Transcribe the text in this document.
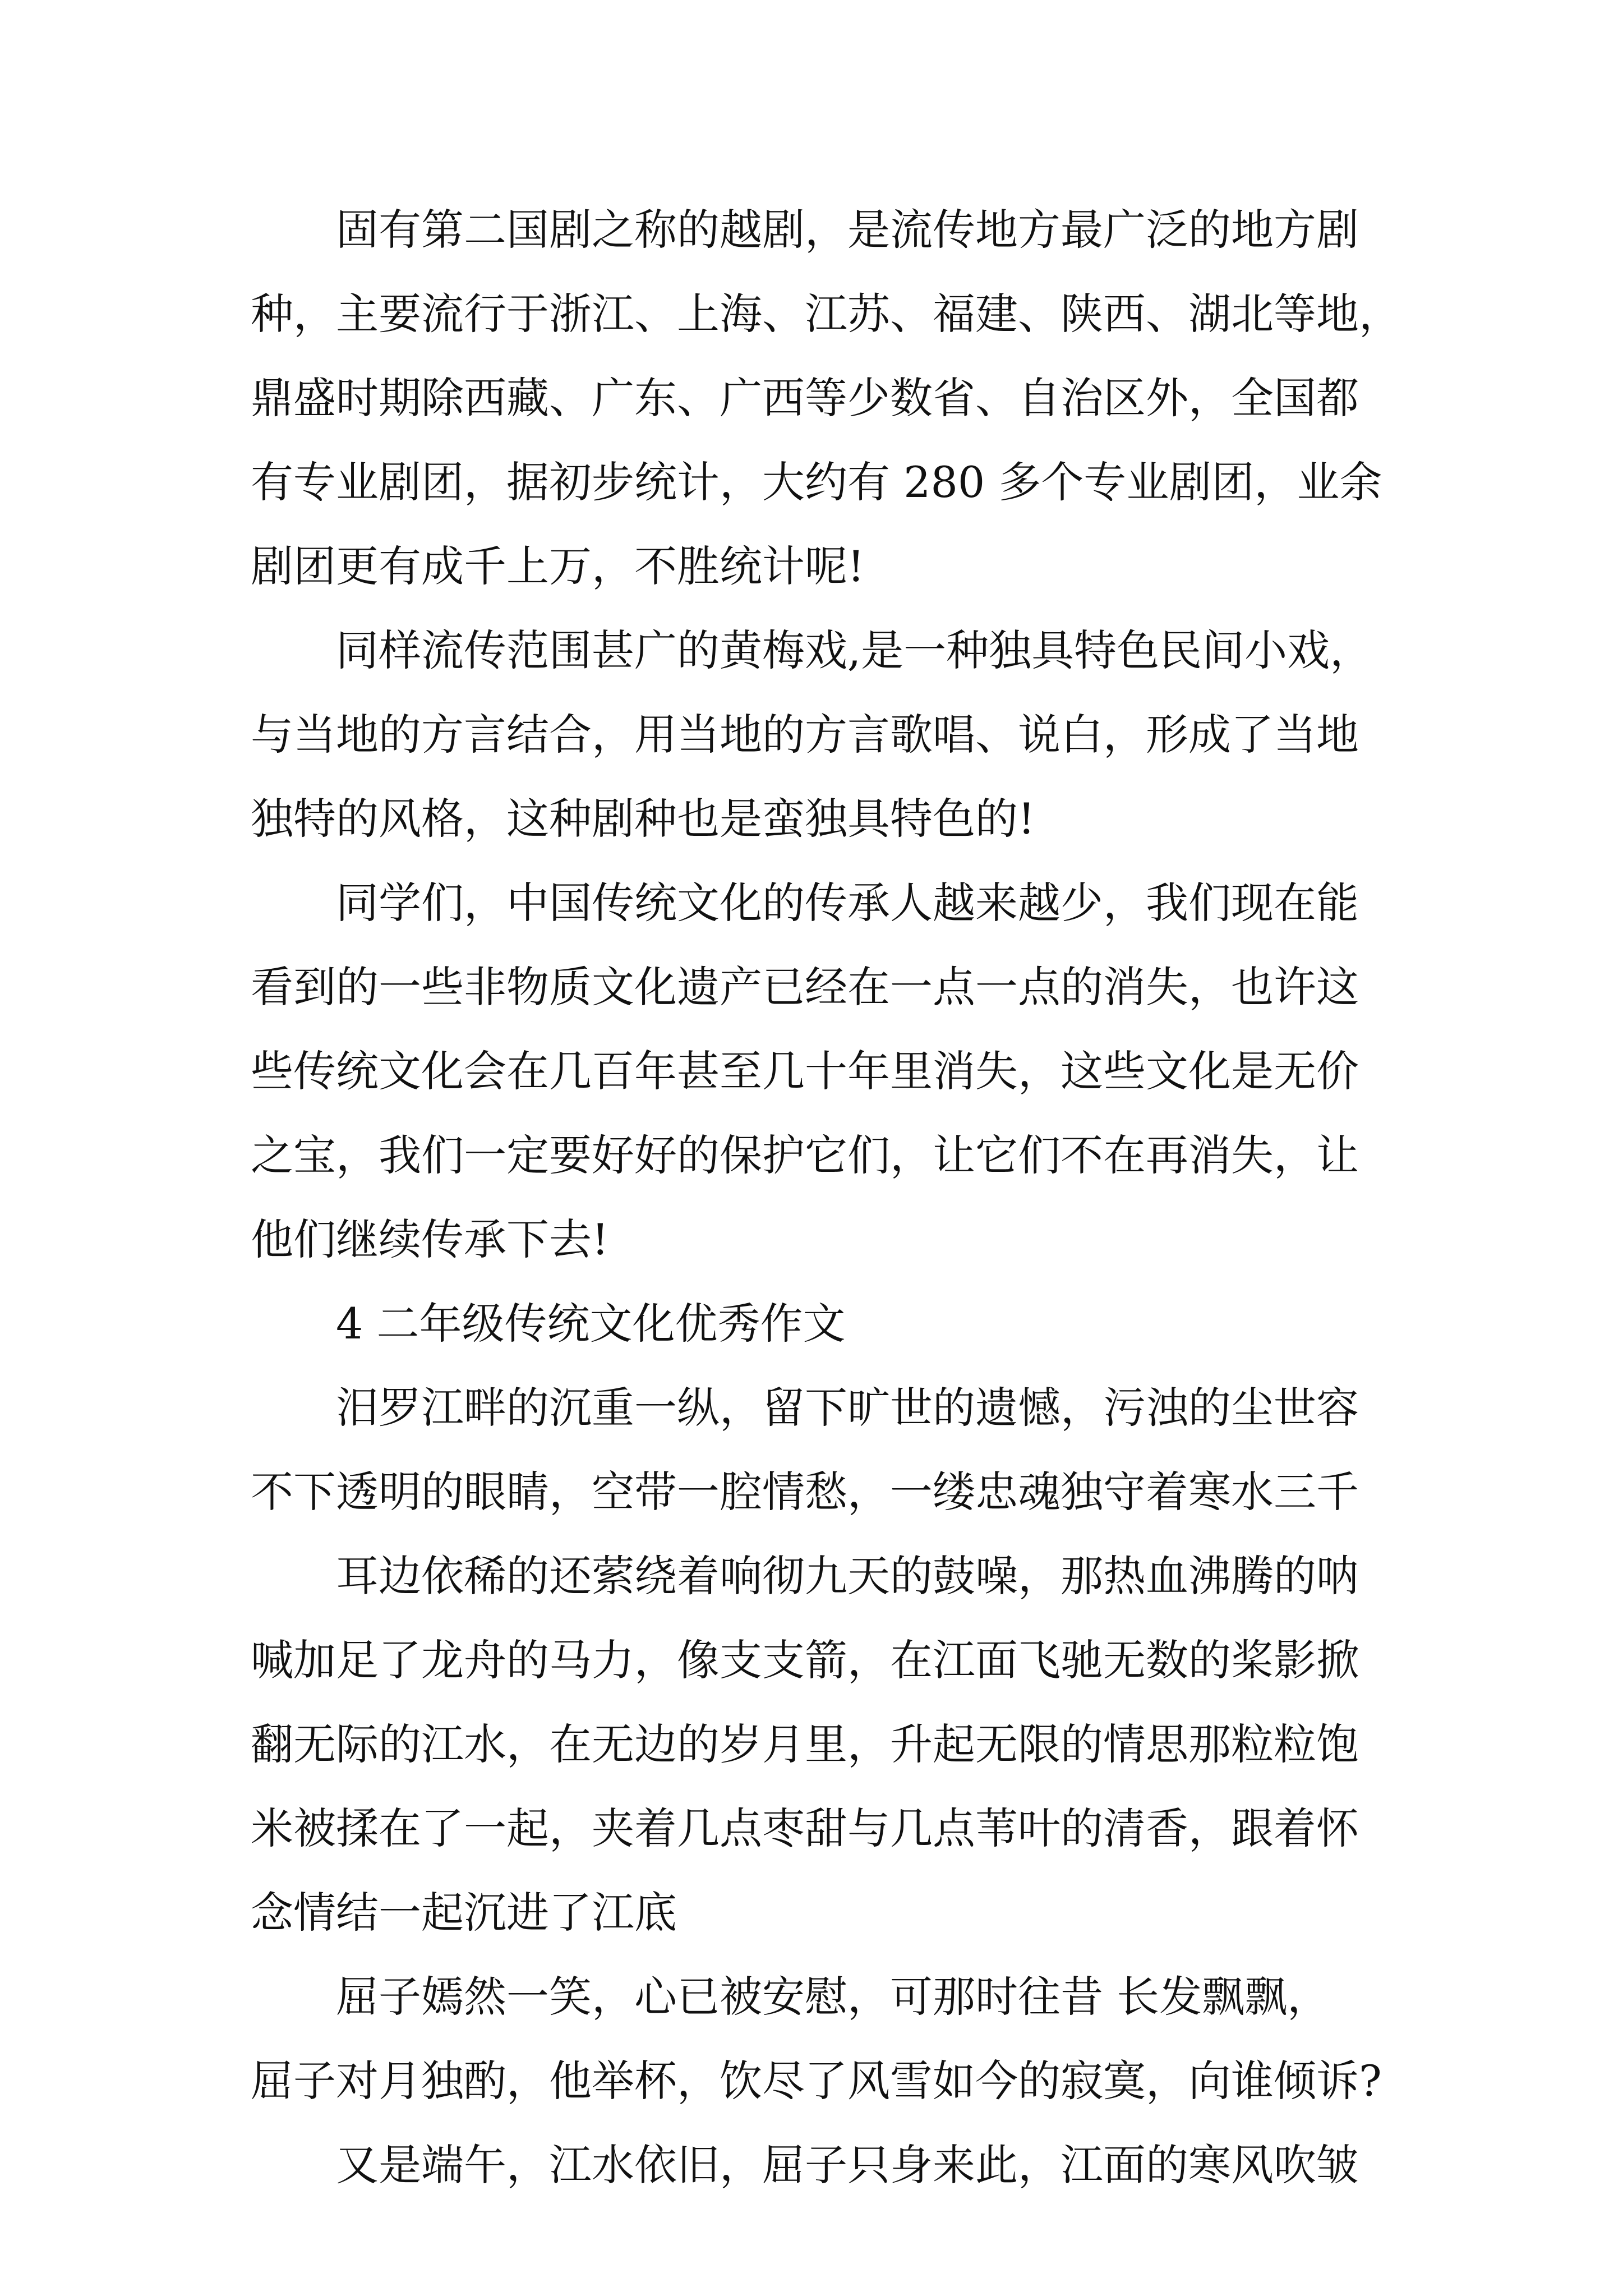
固有第二国剧之称的越剧，是流传地方最广泛的地方剧
种，主要流行于浙江、上海、江苏、福建、陕西、湖北等地，
鼎盛时期除西藏、广东、广西等少数省、自治区外，全国都
有专业剧团，据初步统计，大约有 280 多个专业剧团，业余
剧团更有成千上万，不胜统计呢!
同样流传范围甚广的黄梅戏,是一种独具特色民间小戏，
与当地的方言结合，用当地的方言歌唱、说白，形成了当地
独特的风格，这种剧种也是蛮独具特色的!
同学们，中国传统文化的传承人越来越少，我们现在能
看到的一些非物质文化遗产已经在一点一点的消失，也许这
些传统文化会在几百年甚至几十年里消失，这些文化是无价
之宝，我们一定要好好的保护它们，让它们不在再消失，让
他们继续传承下去!
4 二年级传统文化优秀作文
汨罗江畔的沉重一纵，留下旷世的遗憾，污浊的尘世容
不下透明的眼睛，空带一腔情愁，一缕忠魂独守着寒水三千
耳边依稀的还萦绕着响彻九天的鼓噪，那热血沸腾的呐
喊加足了龙舟的马力，像支支箭，在江面飞驰无数的桨影掀
翻无际的江水，在无边的岁月里，升起无限的情思那粒粒饱
米被揉在了一起，夹着几点枣甜与几点苇叶的清香，跟着怀
念情结一起沉进了江底
屈子嫣然一笑，心已被安慰，可那时往昔 长发飘飘，
屈子对月独酌，他举杯，饮尽了风雪如今的寂寞，向谁倾诉?
又是端午，江水依旧，屈子只身来此，江面的寒风吹皱
